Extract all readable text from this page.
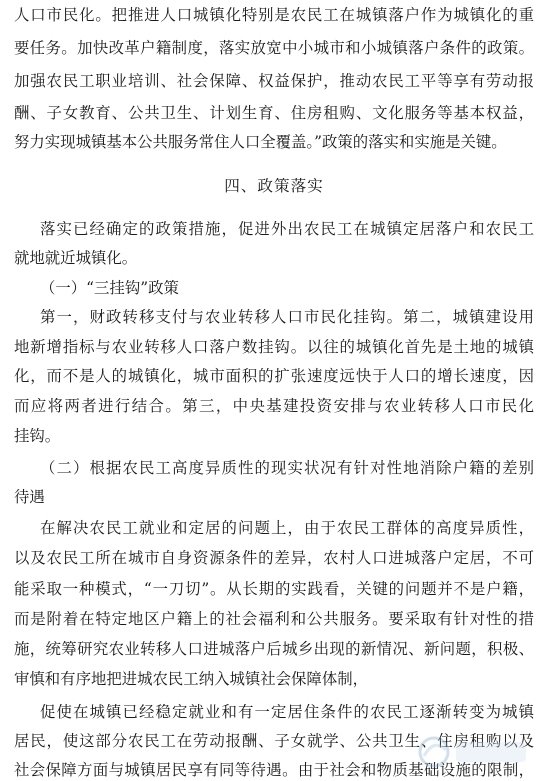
人口市民化。把推进人口城镇化特别是农民工在城镇落户作为城镇化的重
要任务。加快改革户籍制度，落实放宽中小城市和小城镇落户条件的政策。
加强农民工职业培训、社会保障、权益保护，推动农民工平等享有劳动报
酬、子女教育、公共卫生、计划生育、住房租购、文化服务等基本权益，
努力实现城镇基本公共服务常住人口全覆盖。”政策的落实和实施是关键。
四、政策落实
落实已经确定的政策措施，促进外出农民工在城镇定居落户和农民工
就地就近城镇化。
（一）“三挂钩”政策
第一，财政转移支付与农业转移人口市民化挂钩。第二，城镇建设用
地新增指标与农业转移人口落户数挂钩。以往的城镇化首先是土地的城镇
化，而不是人的城镇化，城市面积的扩张速度远快于人口的增长速度，因
而应将两者进行结合。第三，中央基建投资安排与农业转移人口市民化
挂钩。
（二）根据农民工高度异质性的现实状况有针对性地消除户籍的差别
待遇
在解决农民工就业和定居的问题上，由于农民工群体的高度异质性，
以及农民工所在城市自身资源条件的差异，农村人口进城落户定居，不可
能采取一种模式，“一刀切”。从长期的实践看，关键的问题并不是户籍，
而是附着在特定地区户籍上的社会福利和公共服务。要采取有针对性的措
施，统筹研究农业转移人口进城落户后城乡出现的新情况、新问题，积极、
审慎和有序地把进城农民工纳入城镇社会保障体制，
促使在城镇已经稳定就业和有一定居住条件的农民工逐渐转变为城镇
居民，使这部分农民工在劳动报酬、子女就学、公共卫生、住房租购以及
社会保障方面与城镇居民享有同等待遇。由于社会和物质基础设施的限制，
